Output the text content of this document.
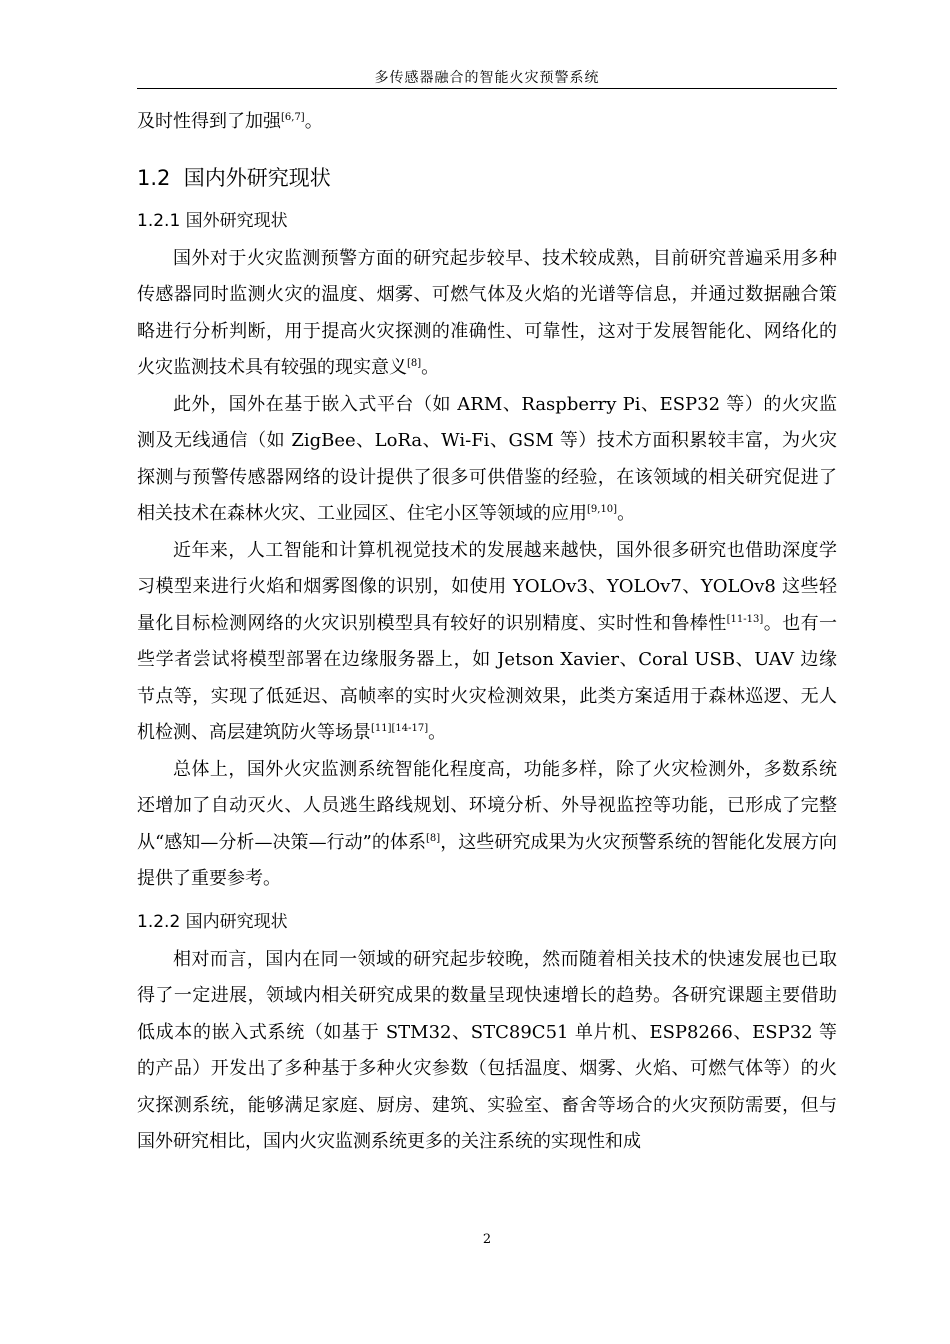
多传感器融合的智能火灾预警系统

及时性得到了加强[6,7]。

1.2 国内外研究现状
1.2.1 国外研究现状

国外对于火灾监测预警方面的研究起步较早、技术较成熟，目前研究普遍采用多种传感器同时监测火灾的温度、烟雾、可燃气体及火焰的光谱等信息，并通过数据融合策略进行分析判断，用于提高火灾探测的准确性、可靠性，这对于发展智能化、网络化的火灾监测技术具有较强的现实意义[8]。

此外，国外在基于嵌入式平台（如 ARM、Raspberry Pi、ESP32 等）的火灾监测及无线通信（如 ZigBee、LoRa、Wi-Fi、GSM 等）技术方面积累较丰富，为火灾探测与预警传感器网络的设计提供了很多可供借鉴的经验，在该领域的相关研究促进了相关技术在森林火灾、工业园区、住宅小区等领域的应用[9,10]。

近年来，人工智能和计算机视觉技术的发展越来越快，国外很多研究也借助深度学习模型来进行火焰和烟雾图像的识别，如使用 YOLOv3、YOLOv7、YOLOv8 这些轻量化目标检测网络的火灾识别模型具有较好的识别精度、实时性和鲁棒性[11-13]。也有一些学者尝试将模型部署在边缘服务器上，如 Jetson Xavier、Coral USB、UAV 边缘节点等，实现了低延迟、高帧率的实时火灾检测效果，此类方案适用于森林巡逻、无人机检测、高层建筑防火等场景[11][14-17]。

总体上，国外火灾监测系统智能化程度高，功能多样，除了火灾检测外，多数系统还增加了自动灭火、人员逃生路线规划、环境分析、外导视监控等功能，已形成了完整从“感知—分析—决策—行动”的体系[8]，这些研究成果为火灾预警系统的智能化发展方向提供了重要参考。

1.2.2 国内研究现状

相对而言，国内在同一领域的研究起步较晚，然而随着相关技术的快速发展也已取得了一定进展，领域内相关研究成果的数量呈现快速增长的趋势。各研究课题主要借助低成本的嵌入式系统（如基于 STM32、STC89C51 单片机、ESP8266、ESP32 等的产品）开发出了多种基于多种火灾参数（包括温度、烟雾、火焰、可燃气体等）的火灾探测系统，能够满足家庭、厨房、建筑、实验室、畜舍等场合的火灾预防需要，但与国外研究相比，国内火灾监测系统更多的关注系统的实现性和成

2
